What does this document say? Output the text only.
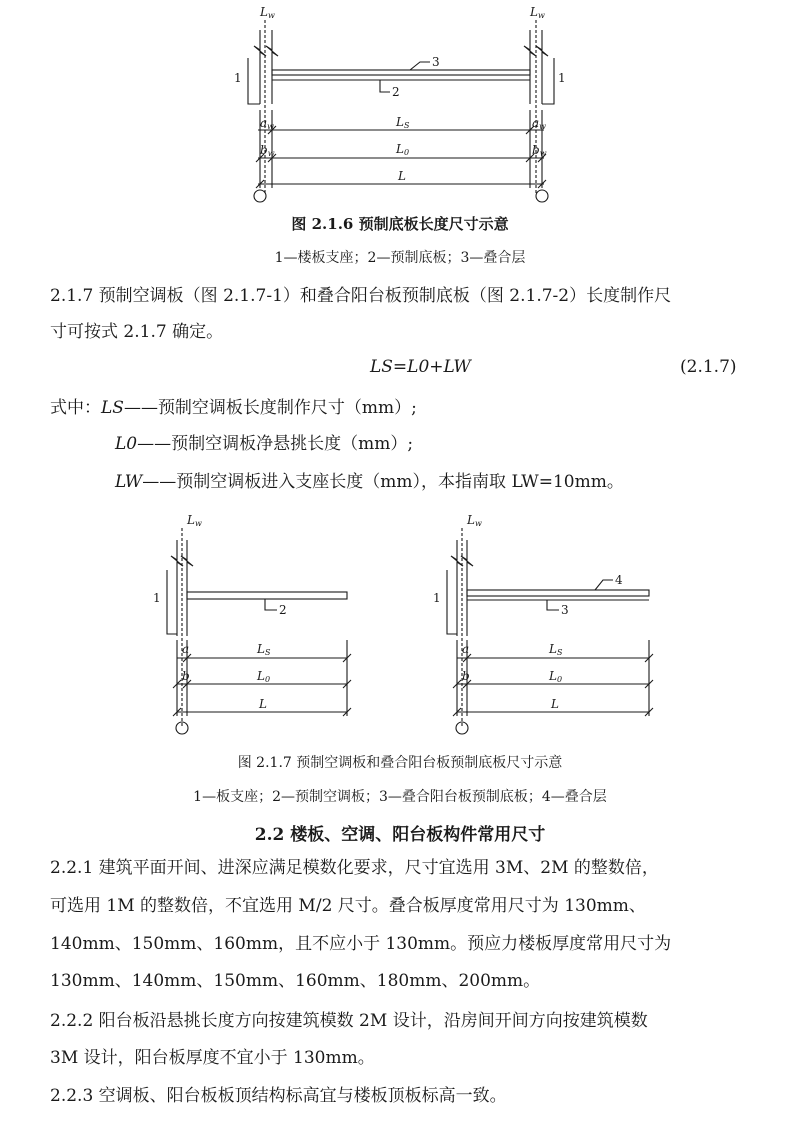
Lw	Lw
1	1
3
2
aw	aw
LS
bw	bw
L0
L
图 2.1.6 预制底板长度尺寸示意
1—楼板支座；2—预制底板；3—叠合层
2.1.7 预制空调板（图 2.1.7-1）和叠合阳台板预制底板（图 2.1.7-2）长度制作尺
寸可按式 2.1.7 确定。
LS=L0+LW	(2.1.7)
式中：LS——预制空调板长度制作尺寸（mm）;
L0——预制空调板净悬挑长度（mm）;
LW——预制空调板进入支座长度（mm），本指南取 LW=10mm。
Lw
1
2
a	LS
b	L0
L
Lw
1
4
3
a	LS
b	L0
L
图 2.1.7 预制空调板和叠合阳台板预制底板尺寸示意
1—板支座；2—预制空调板；3—叠合阳台板预制底板；4—叠合层
2.2 楼板、空调、阳台板构件常用尺寸
2.2.1 建筑平面开间、进深应满足模数化要求，尺寸宜选用 3M、2M 的整数倍，
可选用 1M 的整数倍，不宜选用 M/2 尺寸。叠合板厚度常用尺寸为 130mm、
140mm、150mm、160mm，且不应小于 130mm。预应力楼板厚度常用尺寸为
130mm、140mm、150mm、160mm、180mm、200mm。
2.2.2 阳台板沿悬挑长度方向按建筑模数 2M 设计，沿房间开间方向按建筑模数
3M 设计，阳台板厚度不宜小于 130mm。
2.2.3 空调板、阳台板板顶结构标高宜与楼板顶板标高一致。
